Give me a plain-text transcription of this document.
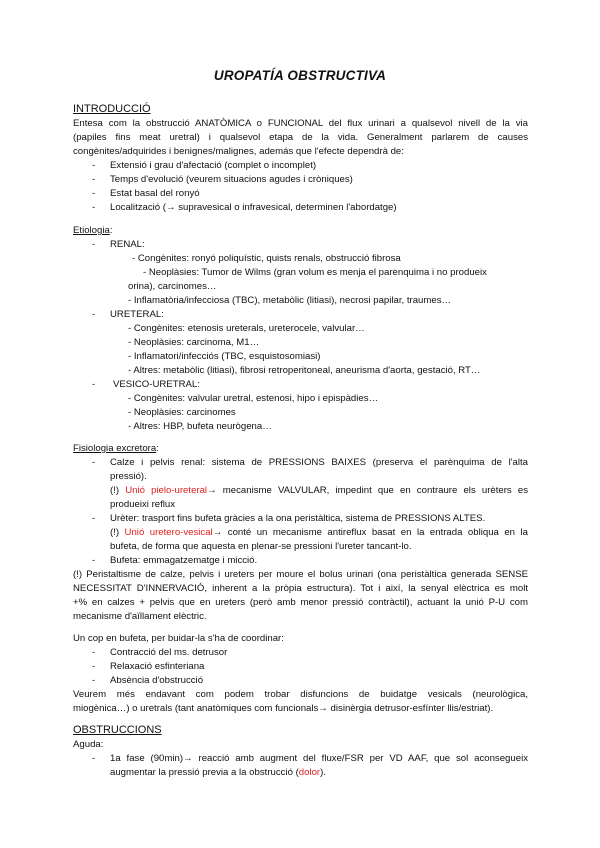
UROPATÍA OBSTRUCTIVA
INTRODUCCIÓ
Entesa com la obstrucció ANATÒMICA o FUNCIONAL del flux urinari a qualsevol nivell de la via
(papiles fins meat uretral) i qualsevol etapa de la vida. Generalment parlarem de causes
congènites/adquirides i benignes/malignes, además que l'efecte dependrà de:
- Extensió i grau d'afectació (complet o incomplet)
- Temps d'evolució (veurem situacions agudes i cròniques)
- Estat basal del ronyó
- Localització (→ supravesical o infravesical, determinen l'abordatge)
Etiologia:
- RENAL:
- Congènites: ronyó poliquístic, quists renals, obstrucció fibrosa
- Neoplàsies: Tumor de Wilms (gran volum es menja el parenquima i no produeix
orina), carcinomes…
- Inflamatòria/infecciosa (TBC), metabòlic (litiasi), necrosi papilar, traumes…
- URETERAL:
- Congènites: etenosis ureterals, ureterocele, valvular…
- Neoplàsies: carcinoma, M1…
- Inflamatori/infecciós (TBC, esquistosomiasi)
- Altres: metabòlic (litiasi), fibrosi retroperitoneal, aneurisma d'aorta, gestació, RT…
- VESICO-URETRAL:
- Congènites: valvular uretral, estenosi, hipo i epispàdies…
- Neoplàsies: carcinomes
- Altres: HBP, bufeta neurògena…
Fisiologia excretora:
- Calze i pelvis renal: sistema de PRESSIONS BAIXES (preserva el parènquima de l'alta
pressió).
(!) Unió pielo-ureteral→ mecanisme VALVULAR, impedint que en contraure els urèters es
produeixi reflux
- Urèter: trasport fins bufeta gràcies a la ona peristàltica, sistema de PRESSIONS ALTES.
(!) Unió uretero-vesical→ conté un mecanisme antireflux basat en la entrada obliqua en la
bufeta, de forma que aquesta en plenar-se pressioni l'ureter tancant-lo.
- Bufeta: emmagatzematge i micció.
(!) Peristaltisme de calze, pelvis i ureters per moure el bolus urinari (ona peristàltica generada SENSE
NECESSITAT D'INNERVACIÓ, inherent a la pròpia estructura). Tot i així, la senyal elèctrica es molt
+% en calzes + pelvis que en ureters (però amb menor pressió contràctil), actuant la unió P-U com
mecanisme d'aïllament elèctric.
Un cop en bufeta, per buidar-la s'ha de coordinar:
- Contracció del ms. detrusor
- Relaxació esfinteriana
- Absència d'obstrucció
Veurem més endavant com podem trobar disfuncions de buidatge vesicals (neurològica,
miogènica…) o uretrals (tant anatòmiques com funcionals→ disinèrgia detrusor-esfínter llis/estriat).
OBSTRUCCIONS
Aguda:
- 1a fase (90min)→ reacció amb augment del fluxe/FSR per VD AAF, que sol aconsegueix
augmentar la pressió previa a la obstrucció (dolor).
